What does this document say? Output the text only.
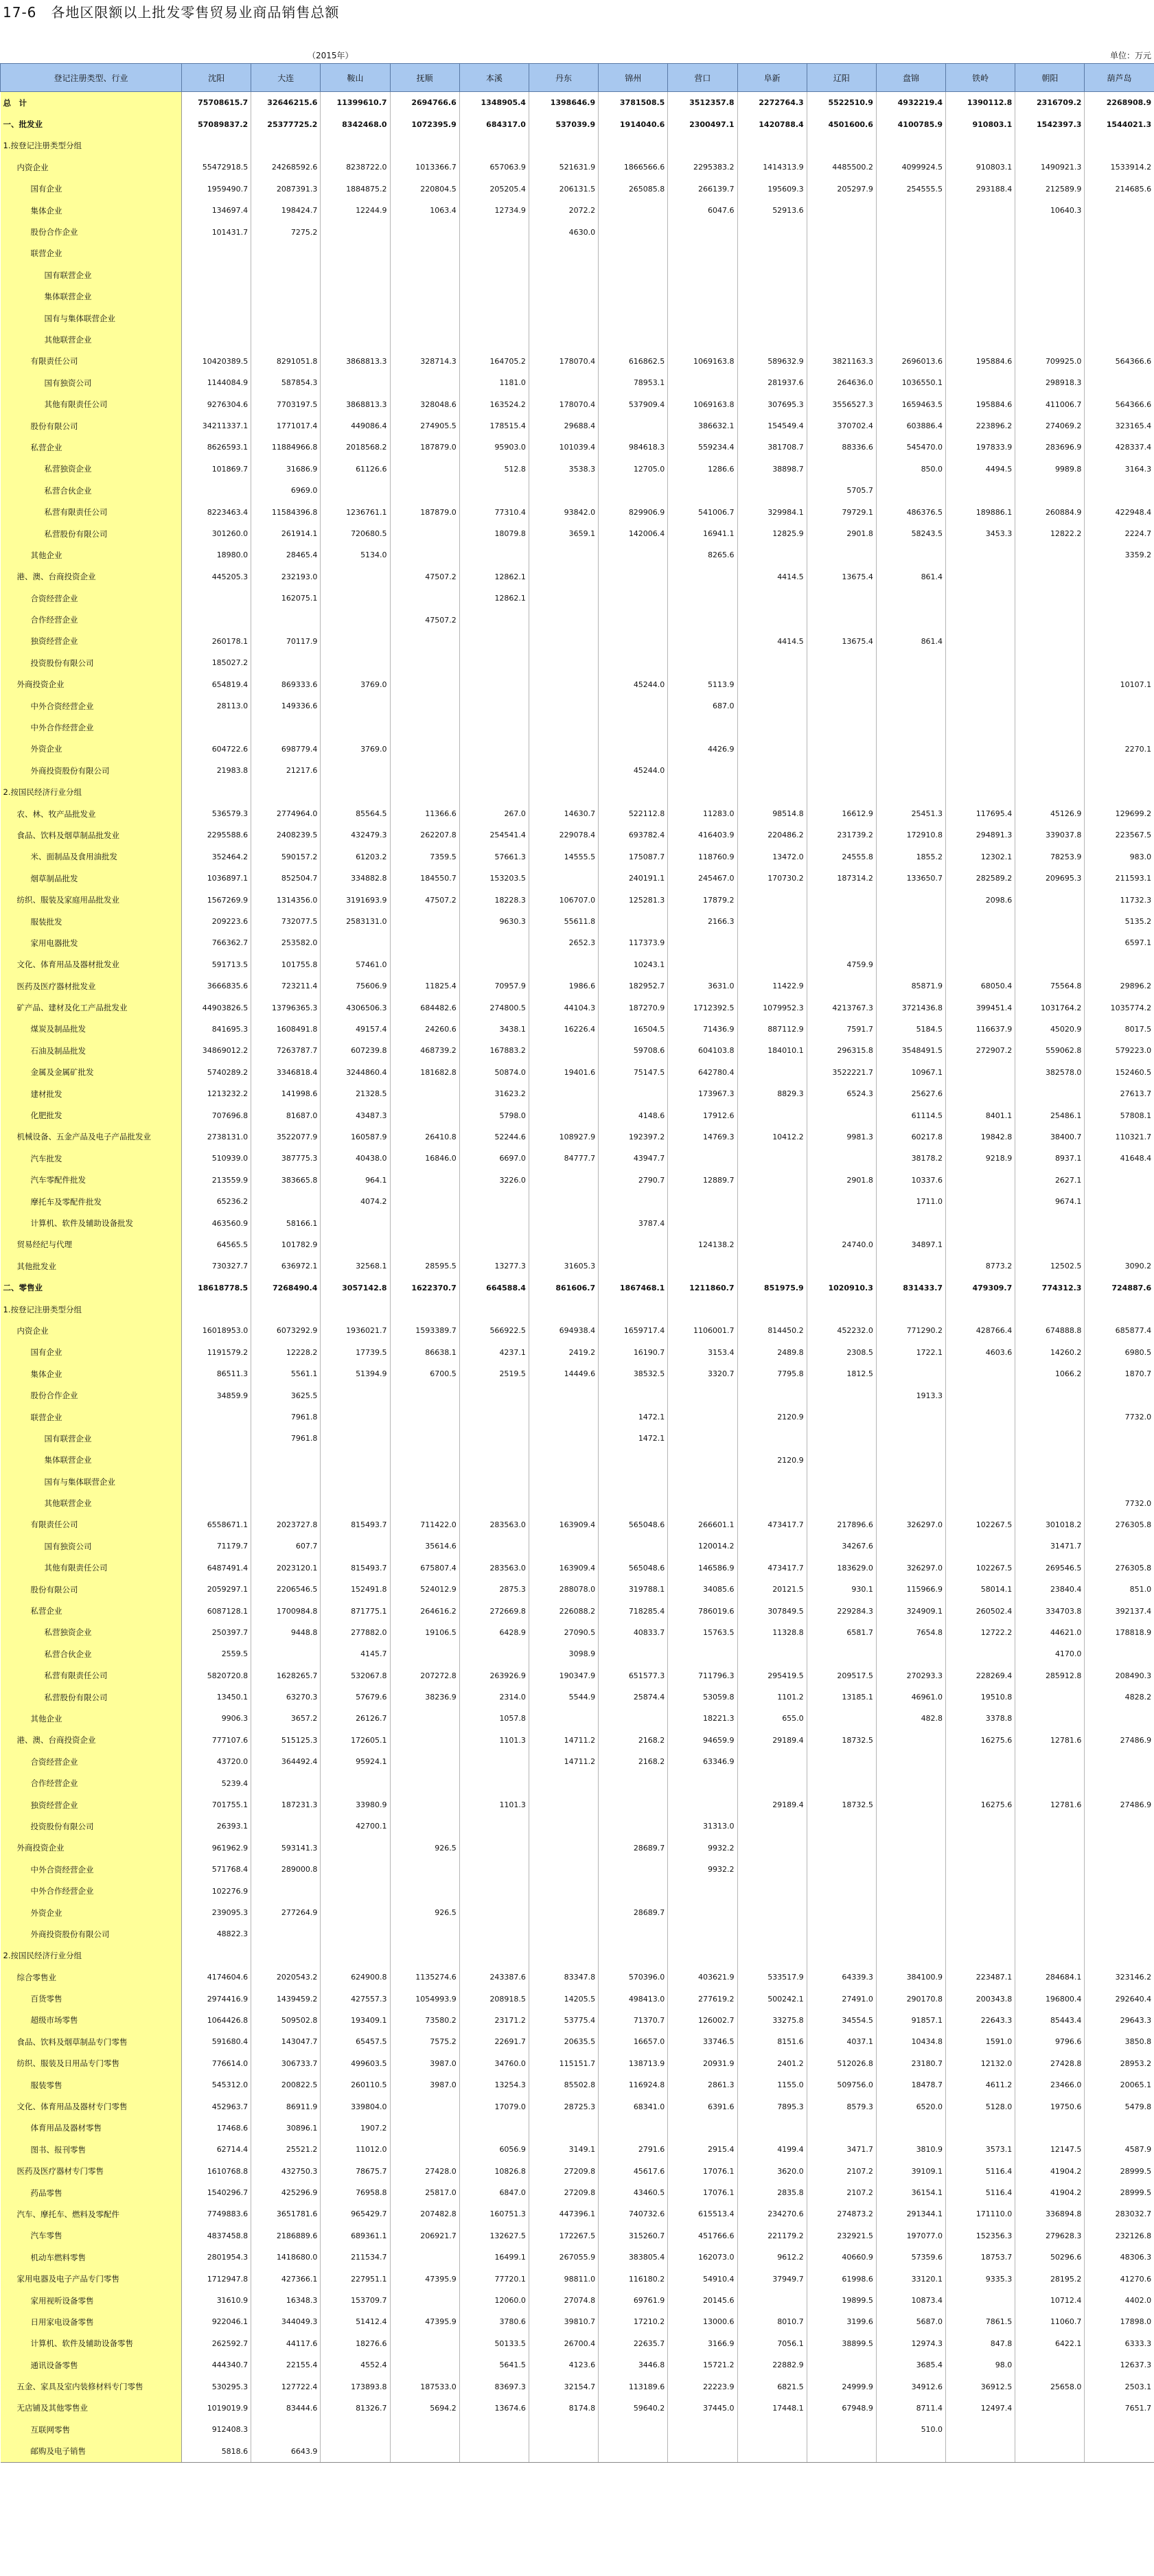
17-6　各地区限额以上批发零售贸易业商品销售总额
（2015年）	单位：万元
登记注册类型、行业	沈阳	大连	鞍山	抚顺	本溪	丹东	锦州	营口	阜新	辽阳	盘锦	铁岭	朝阳	葫芦岛
总　计	75708615.7	32646215.6	11399610.7	2694766.6	1348905.4	1398646.9	3781508.5	3512357.8	2272764.3	5522510.9	4932219.4	1390112.8	2316709.2	2268908.9
一、批发业	57089837.2	25377725.2	8342468.0	1072395.9	684317.0	537039.9	1914040.6	2300497.1	1420788.4	4501600.6	4100785.9	910803.1	1542397.3	1544021.3
1.按登记注册类型分组														
内资企业	55472918.5	24268592.6	8238722.0	1013366.7	657063.9	521631.9	1866566.6	2295383.2	1414313.9	4485500.2	4099924.5	910803.1	1490921.3	1533914.2
国有企业	1959490.7	2087391.3	1884875.2	220804.5	205205.4	206131.5	265085.8	266139.7	195609.3	205297.9	254555.5	293188.4	212589.9	214685.6
集体企业	134697.4	198424.7	12244.9	1063.4	12734.9	2072.2		6047.6	52913.6				10640.3	
股份合作企业	101431.7	7275.2				4630.0								
联营企业														
国有联营企业														
集体联营企业														
国有与集体联营企业														
其他联营企业														
有限责任公司	10420389.5	8291051.8	3868813.3	328714.3	164705.2	178070.4	616862.5	1069163.8	589632.9	3821163.3	2696013.6	195884.6	709925.0	564366.6
国有独资公司	1144084.9	587854.3			1181.0		78953.1		281937.6	264636.0	1036550.1		298918.3	
其他有限责任公司	9276304.6	7703197.5	3868813.3	328048.6	163524.2	178070.4	537909.4	1069163.8	307695.3	3556527.3	1659463.5	195884.6	411006.7	564366.6
股份有限公司	34211337.1	1771017.4	449086.4	274905.5	178515.4	29688.4		386632.1	154549.4	370702.4	603886.4	223896.2	274069.2	323165.4
私营企业	8626593.1	11884966.8	2018568.2	187879.0	95903.0	101039.4	984618.3	559234.4	381708.7	88336.6	545470.0	197833.9	283696.9	428337.4
私营独资企业	101869.7	31686.9	61126.6		512.8	3538.3	12705.0	1286.6	38898.7		850.0	4494.5	9989.8	3164.3
私营合伙企业		6969.0								5705.7				
私营有限责任公司	8223463.4	11584396.8	1236761.1	187879.0	77310.4	93842.0	829906.9	541006.7	329984.1	79729.1	486376.5	189886.1	260884.9	422948.4
私营股份有限公司	301260.0	261914.1	720680.5		18079.8	3659.1	142006.4	16941.1	12825.9	2901.8	58243.5	3453.3	12822.2	2224.7
其他企业	18980.0	28465.4	5134.0					8265.6						3359.2
港、澳、台商投资企业	445205.3	232193.0		47507.2	12862.1				4414.5	13675.4	861.4			
合资经营企业		162075.1			12862.1									
合作经营企业				47507.2										
独资经营企业	260178.1	70117.9							4414.5	13675.4	861.4			
投资股份有限公司	185027.2													
外商投资企业	654819.4	869333.6	3769.0				45244.0	5113.9						10107.1
中外合资经营企业	28113.0	149336.6						687.0						
中外合作经营企业														
外资企业	604722.6	698779.4	3769.0					4426.9						2270.1
外商投资股份有限公司	21983.8	21217.6					45244.0							
2.按国民经济行业分组														
农、林、牧产品批发业	536579.3	2774964.0	85564.5	11366.6	267.0	14630.7	522112.8	11283.0	98514.8	16612.9	25451.3	117695.4	45126.9	129699.2
食品、饮料及烟草制品批发业	2295588.6	2408239.5	432479.3	262207.8	254541.4	229078.4	693782.4	416403.9	220486.2	231739.2	172910.8	294891.3	339037.8	223567.5
米、面制品及食用油批发	352464.2	590157.2	61203.2	7359.5	57661.3	14555.5	175087.7	118760.9	13472.0	24555.8	1855.2	12302.1	78253.9	983.0
烟草制品批发	1036897.1	852504.7	334882.8	184550.7	153203.5		240191.1	245467.0	170730.2	187314.2	133650.7	282589.2	209695.3	211593.1
纺织、服装及家庭用品批发业	1567269.9	1314356.0	3191693.9	47507.2	18228.3	106707.0	125281.3	17879.2				2098.6		11732.3
服装批发	209223.6	732077.5	2583131.0		9630.3	55611.8		2166.3						5135.2
家用电器批发	766362.7	253582.0				2652.3	117373.9							6597.1
文化、体育用品及器材批发业	591713.5	101755.8	57461.0				10243.1			4759.9				
医药及医疗器材批发业	3666835.6	723211.4	75606.9	11825.4	70957.9	1986.6	182952.7	3631.0	11422.9		85871.9	68050.4	75564.8	29896.2
矿产品、建材及化工产品批发业	44903826.5	13796365.3	4306506.3	684482.6	274800.5	44104.3	187270.9	1712392.5	1079952.3	4213767.3	3721436.8	399451.4	1031764.2	1035774.2
煤炭及制品批发	841695.3	1608491.8	49157.4	24260.6	3438.1	16226.4	16504.5	71436.9	887112.9	7591.7	5184.5	116637.9	45020.9	8017.5
石油及制品批发	34869012.2	7263787.7	607239.8	468739.2	167883.2		59708.6	604103.8	184010.1	296315.8	3548491.5	272907.2	559062.8	579223.0
金属及金属矿批发	5740289.2	3346818.4	3244860.4	181682.8	50874.0	19401.6	75147.5	642780.4		3522221.7	10967.1		382578.0	152460.5
建材批发	1213232.2	141998.6	21328.5		31623.2			173967.3	8829.3	6524.3	25627.6			27613.7
化肥批发	707696.8	81687.0	43487.3		5798.0		4148.6	17912.6			61114.5	8401.1	25486.1	57808.1
机械设备、五金产品及电子产品批发业	2738131.0	3522077.9	160587.9	26410.8	52244.6	108927.9	192397.2	14769.3	10412.2	9981.3	60217.8	19842.8	38400.7	110321.7
汽车批发	510939.0	387775.3	40438.0	16846.0	6697.0	84777.7	43947.7				38178.2	9218.9	8937.1	41648.4
汽车零配件批发	213559.9	383665.8	964.1		3226.0		2790.7	12889.7		2901.8	10337.6		2627.1	
摩托车及零配件批发	65236.2		4074.2								1711.0		9674.1	
计算机、软件及辅助设备批发	463560.9	58166.1					3787.4							
贸易经纪与代理	64565.5	101782.9						124138.2		24740.0	34897.1			
其他批发业	730327.7	636972.1	32568.1	28595.5	13277.3	31605.3						8773.2	12502.5	3090.2
二、零售业	18618778.5	7268490.4	3057142.8	1622370.7	664588.4	861606.7	1867468.1	1211860.7	851975.9	1020910.3	831433.7	479309.7	774312.3	724887.6
1.按登记注册类型分组														
内资企业	16018953.0	6073292.9	1936021.7	1593389.7	566922.5	694938.4	1659717.4	1106001.7	814450.2	452232.0	771290.2	428766.4	674888.8	685877.4
国有企业	1191579.2	12228.2	17739.5	86638.1	4237.1	2419.2	16190.7	3153.4	2489.8	2308.5	1722.1	4603.6	14260.2	6980.5
集体企业	86511.3	5561.1	51394.9	6700.5	2519.5	14449.6	38532.5	3320.7	7795.8	1812.5			1066.2	1870.7
股份合作企业	34859.9	3625.5									1913.3			
联营企业		7961.8					1472.1		2120.9					7732.0
国有联营企业		7961.8					1472.1							
集体联营企业									2120.9					
国有与集体联营企业														
其他联营企业														7732.0
有限责任公司	6558671.1	2023727.8	815493.7	711422.0	283563.0	163909.4	565048.6	266601.1	473417.7	217896.6	326297.0	102267.5	301018.2	276305.8
国有独资公司	71179.7	607.7		35614.6				120014.2		34267.6			31471.7	
其他有限责任公司	6487491.4	2023120.1	815493.7	675807.4	283563.0	163909.4	565048.6	146586.9	473417.7	183629.0	326297.0	102267.5	269546.5	276305.8
股份有限公司	2059297.1	2206546.5	152491.8	524012.9	2875.3	288078.0	319788.1	34085.6	20121.5	930.1	115966.9	58014.1	23840.4	851.0
私营企业	6087128.1	1700984.8	871775.1	264616.2	272669.8	226088.2	718285.4	786019.6	307849.5	229284.3	324909.1	260502.4	334703.8	392137.4
私营独资企业	250397.7	9448.8	277882.0	19106.5	6428.9	27090.5	40833.7	15763.5	11328.8	6581.7	7654.8	12722.2	44621.0	178818.9
私营合伙企业	2559.5		4145.7			3098.9							4170.0	
私营有限责任公司	5820720.8	1628265.7	532067.8	207272.8	263926.9	190347.9	651577.3	711796.3	295419.5	209517.5	270293.3	228269.4	285912.8	208490.3
私营股份有限公司	13450.1	63270.3	57679.6	38236.9	2314.0	5544.9	25874.4	53059.8	1101.2	13185.1	46961.0	19510.8		4828.2
其他企业	9906.3	3657.2	26126.7		1057.8			18221.3	655.0		482.8	3378.8		
港、澳、台商投资企业	777107.6	515125.3	172605.1		1101.3	14711.2	2168.2	94659.9	29189.4	18732.5		16275.6	12781.6	27486.9
合资经营企业	43720.0	364492.4	95924.1			14711.2	2168.2	63346.9						
合作经营企业	5239.4													
独资经营企业	701755.1	187231.3	33980.9		1101.3				29189.4	18732.5		16275.6	12781.6	27486.9
投资股份有限公司	26393.1		42700.1					31313.0						
外商投资企业	961962.9	593141.3		926.5			28689.7	9932.2						
中外合资经营企业	571768.4	289000.8						9932.2						
中外合作经营企业	102276.9													
外资企业	239095.3	277264.9		926.5			28689.7							
外商投资股份有限公司	48822.3													
2.按国民经济行业分组														
综合零售业	4174604.6	2020543.2	624900.8	1135274.6	243387.6	83347.8	570396.0	403621.9	533517.9	64339.3	384100.9	223487.1	284684.1	323146.2
百货零售	2974416.9	1439459.2	427557.3	1054993.9	208918.5	14205.5	498413.0	277619.2	500242.1	27491.0	290170.8	200343.8	196800.4	292640.4
超级市场零售	1064426.8	509502.8	193409.1	73580.2	23171.2	53775.4	71370.7	126002.7	33275.8	34554.5	91857.1	22643.3	85443.4	29643.3
食品、饮料及烟草制品专门零售	591680.4	143047.7	65457.5	7575.2	22691.7	20635.5	16657.0	33746.5	8151.6	4037.1	10434.8	1591.0	9796.6	3850.8
纺织、服装及日用品专门零售	776614.0	306733.7	499603.5	3987.0	34760.0	115151.7	138713.9	20931.9	2401.2	512026.8	23180.7	12132.0	27428.8	28953.2
服装零售	545312.0	200822.5	260110.5	3987.0	13254.3	85502.8	116924.8	2861.3	1155.0	509756.0	18478.7	4611.2	23466.0	20065.1
文化、体育用品及器材专门零售	452963.7	86911.9	339804.0		17079.0	28725.3	68341.0	6391.6	7895.3	8579.3	6520.0	5128.0	19750.6	5479.8
体育用品及器材零售	17468.6	30896.1	1907.2											
图书、报刊零售	62714.4	25521.2	11012.0		6056.9	3149.1	2791.6	2915.4	4199.4	3471.7	3810.9	3573.1	12147.5	4587.9
医药及医疗器材专门零售	1610768.8	432750.3	78675.7	27428.0	10826.8	27209.8	45617.6	17076.1	3620.0	2107.2	39109.1	5116.4	41904.2	28999.5
药品零售	1540296.7	425296.9	76958.8	25817.0	6847.0	27209.8	43460.5	17076.1	2835.8	2107.2	36154.1	5116.4	41904.2	28999.5
汽车、摩托车、燃料及零配件	7749883.6	3651781.6	965429.7	207482.8	160751.3	447396.1	740732.6	615513.4	234270.6	274873.2	291344.1	171110.0	336894.8	283032.7
汽车零售	4837458.8	2186889.6	689361.1	206921.7	132627.5	172267.5	315260.7	451766.6	221179.2	232921.5	197077.0	152356.3	279628.3	232126.8
机动车燃料零售	2801954.3	1418680.0	211534.7		16499.1	267055.9	383805.4	162073.0	9612.2	40660.9	57359.6	18753.7	50296.6	48306.3
家用电器及电子产品专门零售	1712947.8	427366.1	227951.1	47395.9	77720.1	98811.0	116180.2	54910.4	37949.7	61998.6	33120.1	9335.3	28195.2	41270.6
家用视听设备零售	31610.9	16348.3	153709.7		12060.0	27074.8	69761.9	20145.6		19899.5	10873.4		10712.4	4402.0
日用家电设备零售	922046.1	344049.3	51412.4	47395.9	3780.6	39810.7	17210.2	13000.6	8010.7	3199.6	5687.0	7861.5	11060.7	17898.0
计算机、软件及辅助设备零售	262592.7	44117.6	18276.6		50133.5	26700.4	22635.7	3166.9	7056.1	38899.5	12974.3	847.8	6422.1	6333.3
通讯设备零售	444340.7	22155.4	4552.4		5641.5	4123.6	3446.8	15721.2	22882.9		3685.4	98.0		12637.3
五金、家具及室内装修材料专门零售	530295.3	127722.4	173893.8	187533.0	83697.3	32154.7	113189.6	22223.9	6821.5	24999.9	34912.6	36912.5	25658.0	2503.1
无店铺及其他零售业	1019019.9	83444.6	81326.7	5694.2	13674.6	8174.8	59640.2	37445.0	17448.1	67948.9	8711.4	12497.4		7651.7
互联网零售	912408.3										510.0			
邮购及电子销售	5818.6	6643.9												
